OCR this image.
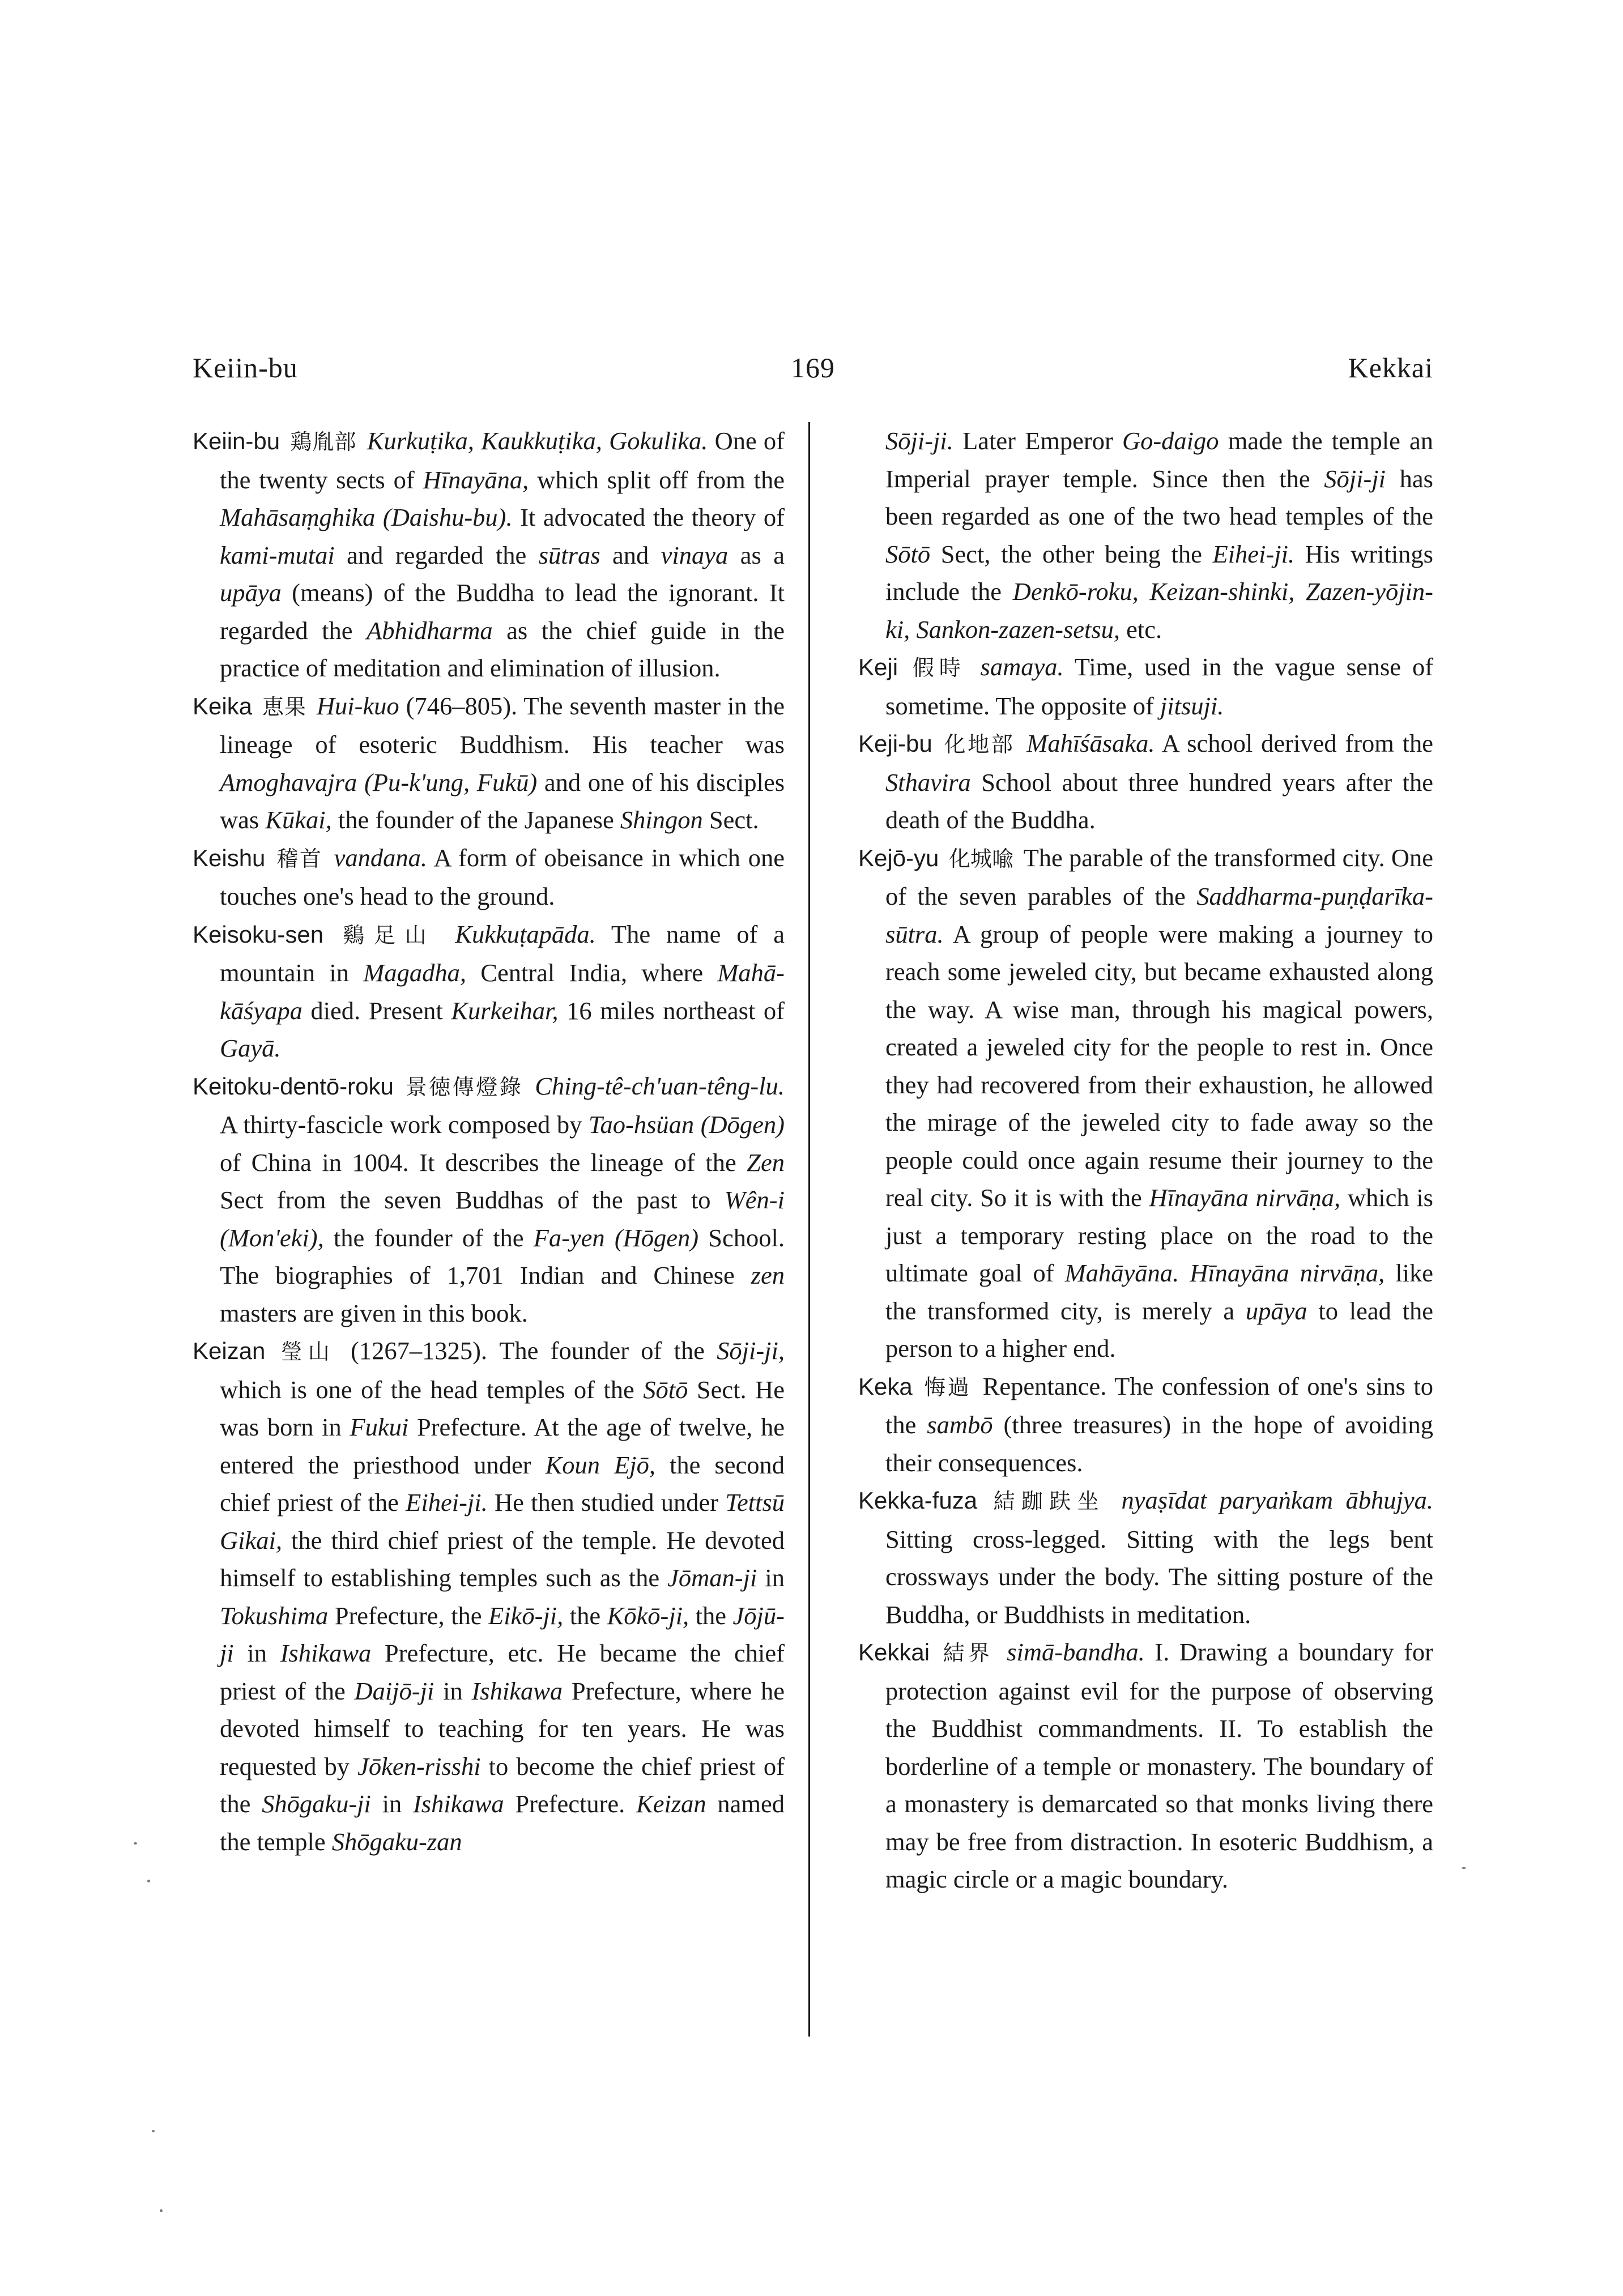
Keiin-bu	169	Kekkai

Keiin-bu 鶏胤部 Kurkuṭika, Kaukkuṭika, Gokulika. One of the twenty sects of Hīnayāna, which split off from the Mahāsaṃghika (Daishu-bu). It advocated the theory of kami-mutai and regarded the sūtras and vinaya as a upāya (means) of the Buddha to lead the ignorant. It regarded the Abhidharma as the chief guide in the practice of meditation and elimination of illusion.

Keika 恵果 Hui-kuo (746–805). The seventh master in the lineage of esoteric Buddhism. His teacher was Amoghavajra (Pu-k'ung, Fukū) and one of his disciples was Kūkai, the founder of the Japanese Shingon Sect.

Keishu 稽首 vandana. A form of obeisance in which one touches one's head to the ground.

Keisoku-sen 鷄足山 Kukkuṭapāda. The name of a mountain in Magadha, Central India, where Mahā-kāśyapa died. Present Kurkeihar, 16 miles northeast of Gayā.

Keitoku-dentō-roku 景徳傳燈錄 Ching-tê-ch'uan-têng-lu. A thirty-fascicle work composed by Tao-hsüan (Dōgen) of China in 1004. It describes the lineage of the Zen Sect from the seven Buddhas of the past to Wên-i (Mon'eki), the founder of the Fa-yen (Hōgen) School. The biographies of 1,701 Indian and Chinese zen masters are given in this book.

Keizan 瑩山 (1267–1325). The founder of the Sōji-ji, which is one of the head temples of the Sōtō Sect. He was born in Fukui Prefecture. At the age of twelve, he entered the priesthood under Koun Ejō, the second chief priest of the Eihei-ji. He then studied under Tettsū Gikai, the third chief priest of the temple. He devoted himself to establishing temples such as the Jōman-ji in Tokushima Prefecture, the Eikō-ji, the Kōkō-ji, the Jōjū-ji in Ishikawa Prefecture, etc. He became the chief priest of the Daijō-ji in Ishikawa Prefecture, where he devoted himself to teaching for ten years. He was requested by Jōken-risshi to become the chief priest of the Shōgaku-ji in Ishikawa Prefecture. Keizan named the temple Shōgaku-zan

Sōji-ji. Later Emperor Go-daigo made the temple an Imperial prayer temple. Since then the Sōji-ji has been regarded as one of the two head temples of the Sōtō Sect, the other being the Eihei-ji. His writings include the Denkō-roku, Keizan-shinki, Zazen-yōjin-ki, Sankon-zazen-setsu, etc.

Keji 假時 samaya. Time, used in the vague sense of sometime. The opposite of jitsuji.

Keji-bu 化地部 Mahīśāsaka. A school derived from the Sthavira School about three hundred years after the death of the Buddha.

Kejō-yu 化城喩 The parable of the transformed city. One of the seven parables of the Saddharma-puṇḍarīka-sūtra. A group of people were making a journey to reach some jeweled city, but became exhausted along the way. A wise man, through his magical powers, created a jeweled city for the people to rest in. Once they had recovered from their exhaustion, he allowed the mirage of the jeweled city to fade away so the people could once again resume their journey to the real city. So it is with the Hīnayāna nirvāṇa, which is just a temporary resting place on the road to the ultimate goal of Mahāyāna. Hīnayāna nirvāṇa, like the transformed city, is merely a upāya to lead the person to a higher end.

Keka 悔過 Repentance. The confession of one's sins to the sambō (three treasures) in the hope of avoiding their consequences.

Kekka-fuza 結跏趺坐 nyaṣīdat paryaṅkam ābhujya. Sitting cross-legged. Sitting with the legs bent crossways under the body. The sitting posture of the Buddha, or Buddhists in meditation.

Kekkai 結界 simā-bandha. I. Drawing a boundary for protection against evil for the purpose of observing the Buddhist commandments. II. To establish the borderline of a temple or monastery. The boundary of a monastery is demarcated so that monks living there may be free from distraction. In esoteric Buddhism, a magic circle or a magic boundary.
